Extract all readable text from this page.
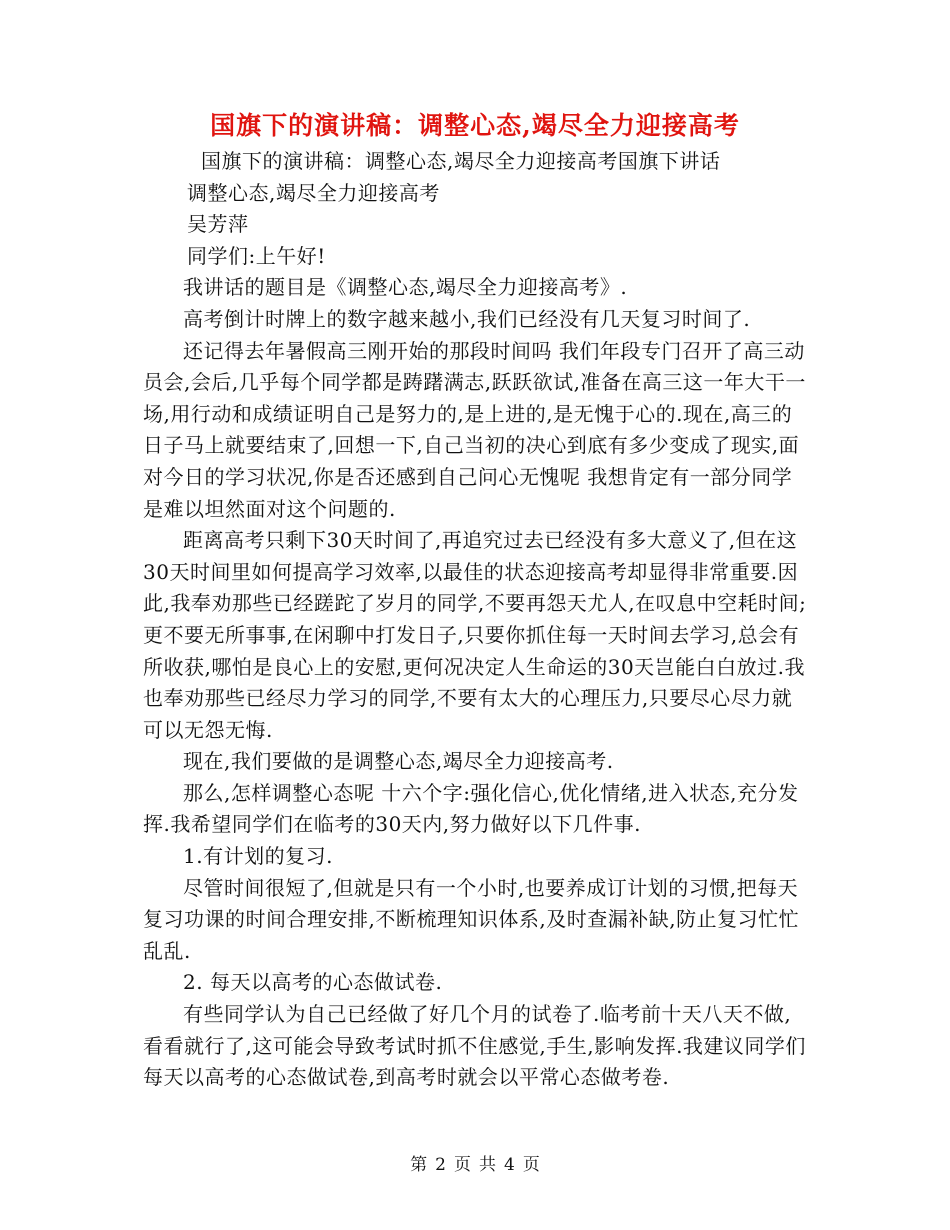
国旗下的演讲稿：调整心态,竭尽全力迎接高考

国旗下的演讲稿：调整心态,竭尽全力迎接高考国旗下讲话

调整心态,竭尽全力迎接高考

吴芳萍

同学们:上午好!

我讲话的题目是《调整心态,竭尽全力迎接高考》.

高考倒计时牌上的数字越来越小,我们已经没有几天复习时间了.

还记得去年暑假高三刚开始的那段时间吗 我们年段专门召开了高三动员会,会后,几乎每个同学都是踌躇满志,跃跃欲试,准备在高三这一年大干一场,用行动和成绩证明自己是努力的,是上进的,是无愧于心的.现在,高三的日子马上就要结束了,回想一下,自己当初的决心到底有多少变成了现实,面对今日的学习状况,你是否还感到自己问心无愧呢 我想肯定有一部分同学是难以坦然面对这个问题的.

距离高考只剩下30天时间了,再追究过去已经没有多大意义了,但在这30天时间里如何提高学习效率,以最佳的状态迎接高考却显得非常重要.因此,我奉劝那些已经蹉跎了岁月的同学,不要再怨天尤人,在叹息中空耗时间;更不要无所事事,在闲聊中打发日子,只要你抓住每一天时间去学习,总会有所收获,哪怕是良心上的安慰,更何况决定人生命运的30天岂能白白放过.我也奉劝那些已经尽力学习的同学,不要有太大的心理压力,只要尽心尽力就可以无怨无悔.

现在,我们要做的是调整心态,竭尽全力迎接高考.

那么,怎样调整心态呢 十六个字:强化信心,优化情绪,进入状态,充分发挥.我希望同学们在临考的30天内,努力做好以下几件事.

1.有计划的复习.

尽管时间很短了,但就是只有一个小时,也要养成订计划的习惯,把每天复习功课的时间合理安排,不断梳理知识体系,及时查漏补缺,防止复习忙忙乱乱.

2. 每天以高考的心态做试卷.

有些同学认为自己已经做了好几个月的试卷了.临考前十天八天不做,看看就行了,这可能会导致考试时抓不住感觉,手生,影响发挥.我建议同学们每天以高考的心态做试卷,到高考时就会以平常心态做考卷.

第 2 页 共 4 页
